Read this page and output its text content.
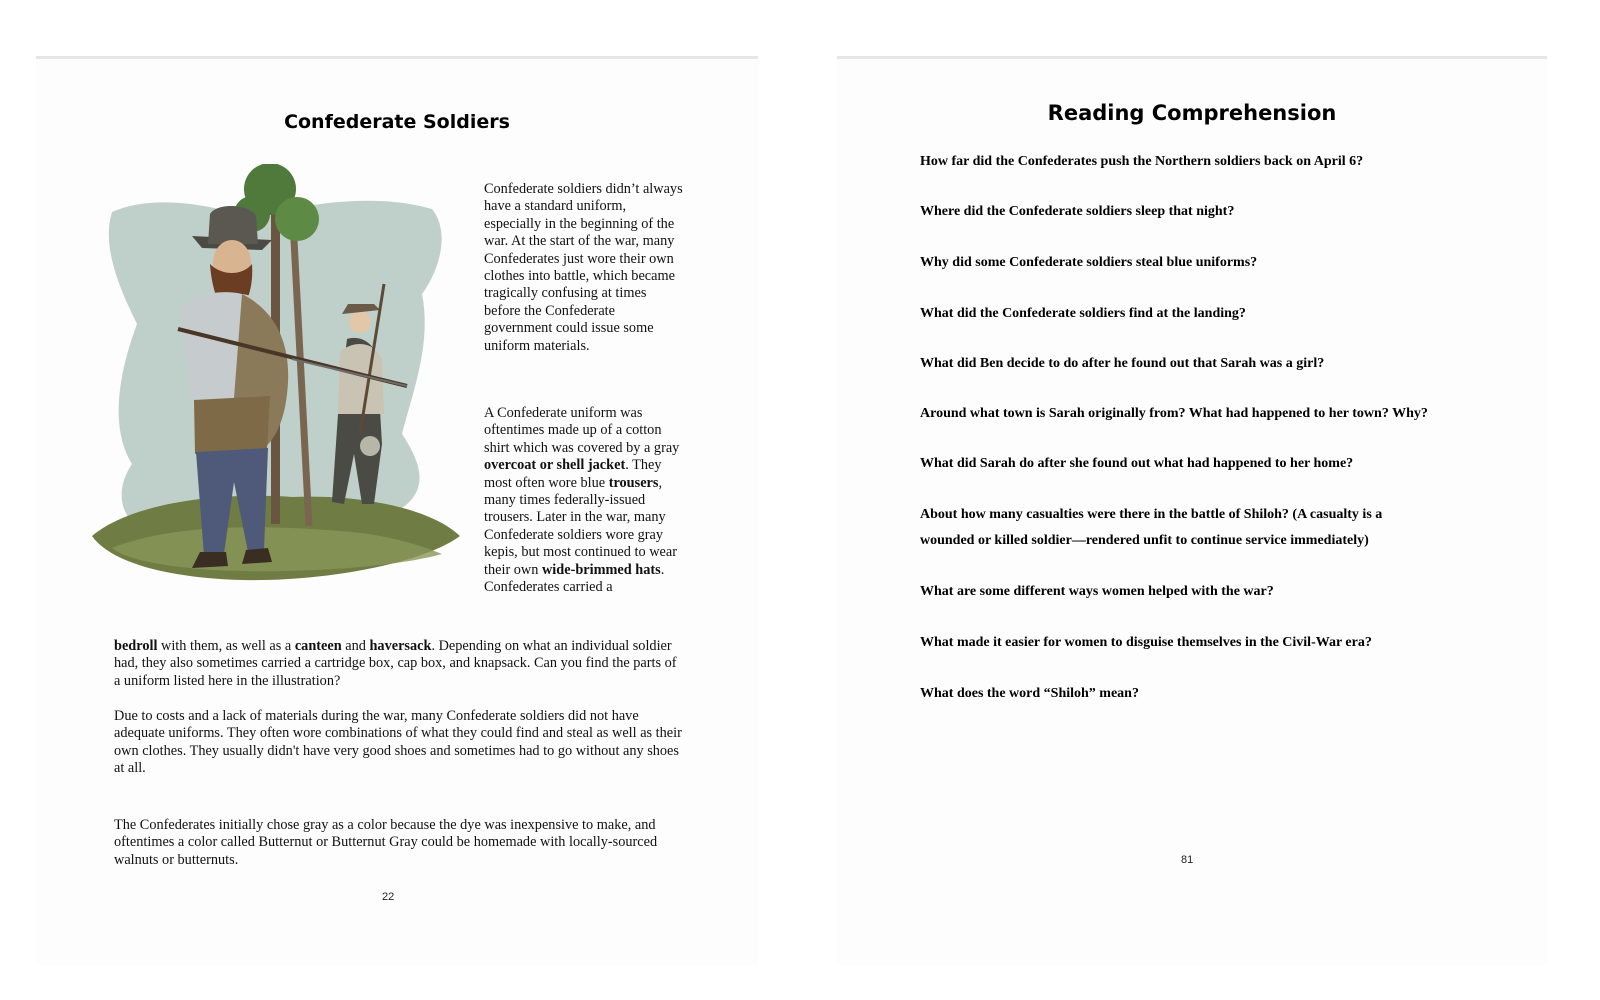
Confederate Soldiers

Confederate soldiers didn’t always have a standard uniform, especially in the beginning of the war. At the start of the war, many Confederates just wore their own clothes into battle, which became tragically confusing at times before the Confederate government could issue some uniform materials.

A Confederate uniform was oftentimes made up of a cotton shirt which was covered by a gray overcoat or shell jacket. They most often wore blue trousers, many times federally-issued trousers. Later in the war, many Confederate soldiers wore gray kepis, but most continued to wear their own wide-brimmed hats. Confederates carried a

bedroll with them, as well as a canteen and haversack. Depending on what an individual soldier had, they also sometimes carried a cartridge box, cap box, and knapsack. Can you find the parts of a uniform listed here in the illustration?

Due to costs and a lack of materials during the war, many Confederate soldiers did not have adequate uniforms. They often wore combinations of what they could find and steal as well as their own clothes. They usually didn't have very good shoes and sometimes had to go without any shoes at all.

The Confederates initially chose gray as a color because the dye was inexpensive to make, and oftentimes a color called Butternut or Butternut Gray could be homemade with locally-sourced walnuts or butternuts.

22
Reading Comprehension
How far did the Confederates push the Northern soldiers back on April 6?
Where did the Confederate soldiers sleep that night?
Why did some Confederate soldiers steal blue uniforms?
What did the Confederate soldiers find at the landing?
What did Ben decide to do after he found out that Sarah was a girl?
Around what town is Sarah originally from? What had happened to her town? Why?
What did Sarah do after she found out what had happened to her home?
About how many casualties were there in the battle of Shiloh? (A casualty is a wounded or killed soldier—rendered unfit to continue service immediately)
What are some different ways women helped with the war?
What made it easier for women to disguise themselves in the Civil-War era?
What does the word “Shiloh” mean?
81
